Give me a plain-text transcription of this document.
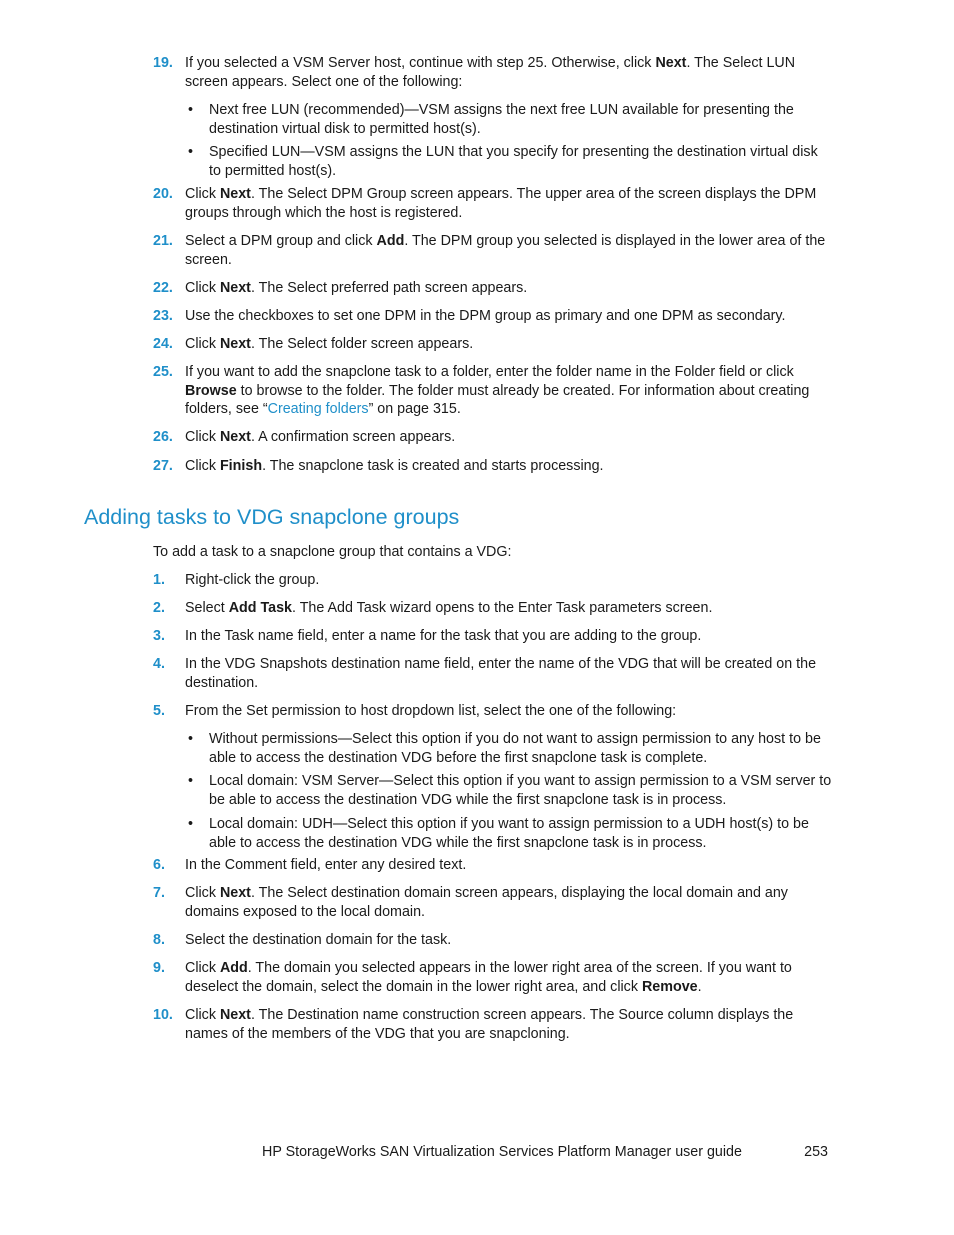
19. If you selected a VSM Server host, continue with step 25. Otherwise, click Next. The Select LUN screen appears. Select one of the following:
• Next free LUN (recommended)—VSM assigns the next free LUN available for presenting the destination virtual disk to permitted host(s).
• Specified LUN—VSM assigns the LUN that you specify for presenting the destination virtual disk to permitted host(s).
20. Click Next. The Select DPM Group screen appears. The upper area of the screen displays the DPM groups through which the host is registered.
21. Select a DPM group and click Add. The DPM group you selected is displayed in the lower area of the screen.
22. Click Next. The Select preferred path screen appears.
23. Use the checkboxes to set one DPM in the DPM group as primary and one DPM as secondary.
24. Click Next. The Select folder screen appears.
25. If you want to add the snapclone task to a folder, enter the folder name in the Folder field or click Browse to browse to the folder. The folder must already be created. For information about creating folders, see “Creating folders” on page 315.
26. Click Next. A confirmation screen appears.
27. Click Finish. The snapclone task is created and starts processing.
Adding tasks to VDG snapclone groups
To add a task to a snapclone group that contains a VDG:
1. Right-click the group.
2. Select Add Task. The Add Task wizard opens to the Enter Task parameters screen.
3. In the Task name field, enter a name for the task that you are adding to the group.
4. In the VDG Snapshots destination name field, enter the name of the VDG that will be created on the destination.
5. From the Set permission to host dropdown list, select the one of the following:
• Without permissions—Select this option if you do not want to assign permission to any host to be able to access the destination VDG before the first snapclone task is complete.
• Local domain: VSM Server—Select this option if you want to assign permission to a VSM server to be able to access the destination VDG while the first snapclone task is in process.
• Local domain: UDH—Select this option if you want to assign permission to a UDH host(s) to be able to access the destination VDG while the first snapclone task is in process.
6. In the Comment field, enter any desired text.
7. Click Next. The Select destination domain screen appears, displaying the local domain and any domains exposed to the local domain.
8. Select the destination domain for the task.
9. Click Add. The domain you selected appears in the lower right area of the screen. If you want to deselect the domain, select the domain in the lower right area, and click Remove.
10. Click Next. The Destination name construction screen appears. The Source column displays the names of the members of the VDG that you are snapcloning.
HP StorageWorks SAN Virtualization Services Platform Manager user guide	253
